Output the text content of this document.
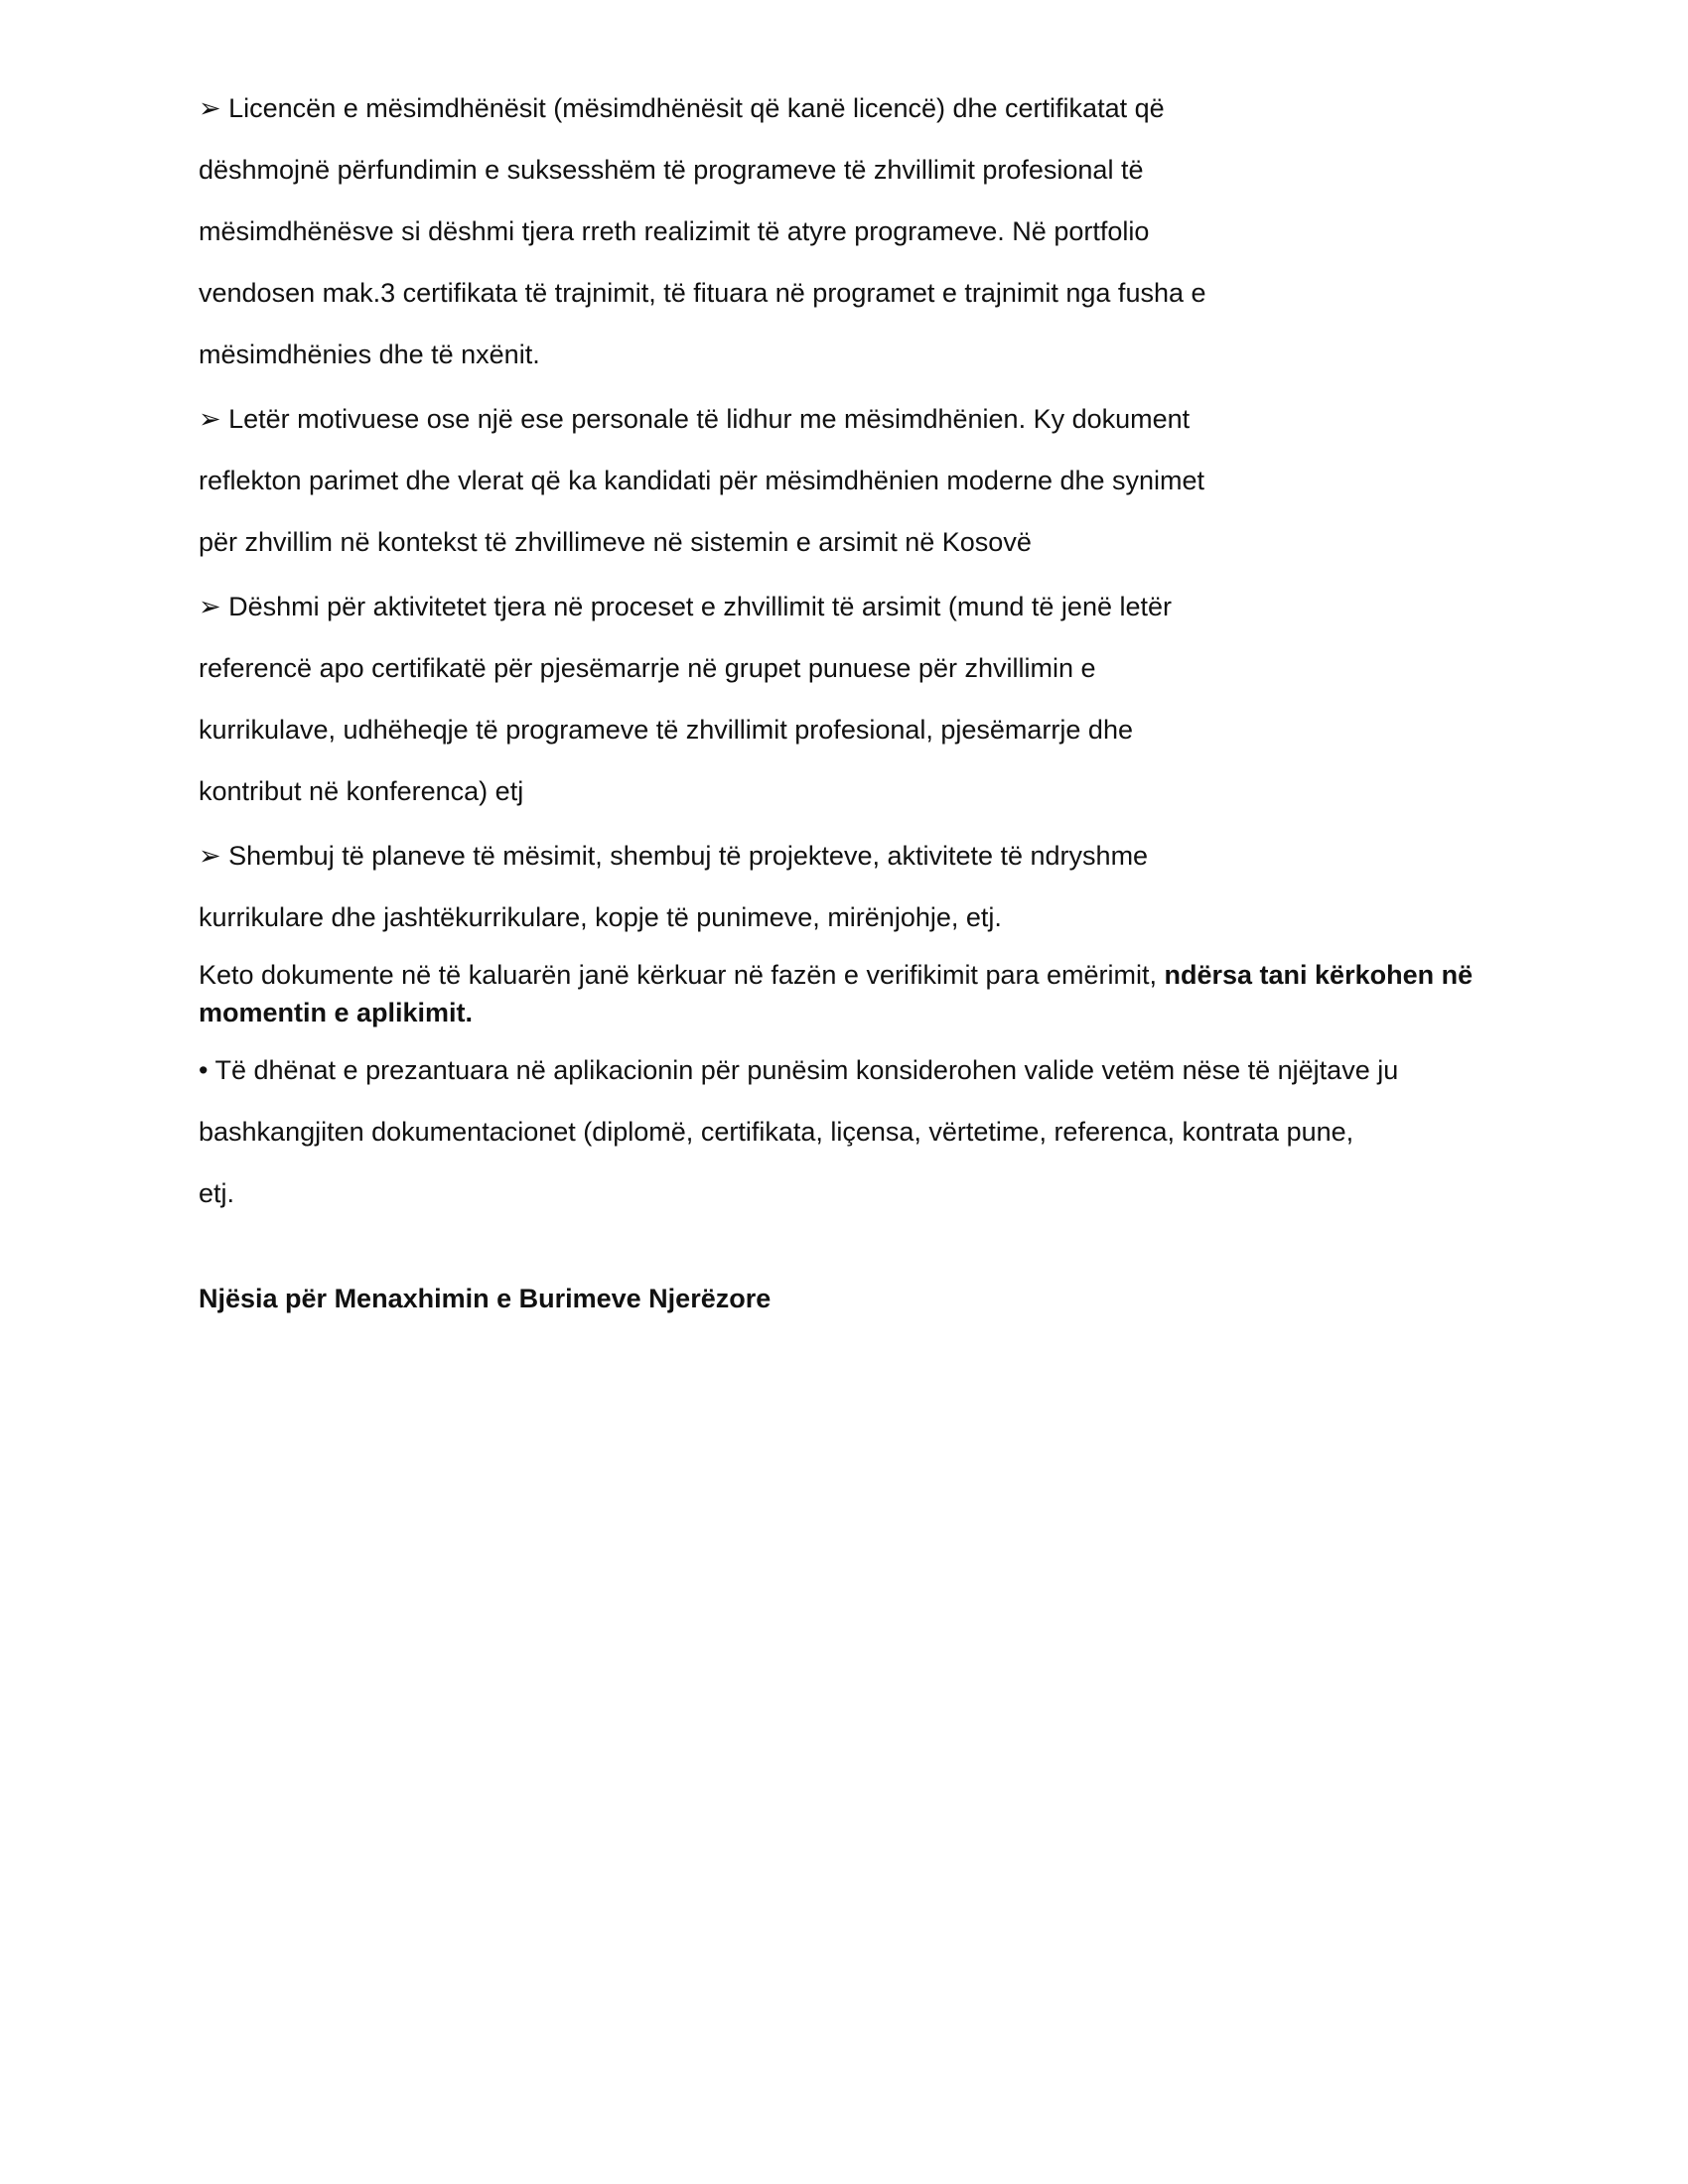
➢ Licencën e mësimdhënësit (mësimdhënësit që kanë licencë) dhe certifikatat që
dëshmojnë përfundimin e suksesshëm të programeve të zhvillimit profesional të
mësimdhënësve si dëshmi tjera rreth realizimit të atyre programeve. Në portfolio
vendosen mak.3 certifikata të trajnimit, të fituara në programet e trajnimit nga fusha e
mësimdhënies dhe të nxënit.
➢ Letër motivuese ose një ese personale të lidhur me mësimdhënien. Ky dokument
reflekton parimet dhe vlerat që ka kandidati për mësimdhënien moderne dhe synimet
për zhvillim në kontekst të zhvillimeve në sistemin e arsimit në Kosovë
➢ Dëshmi për aktivitetet tjera në proceset e zhvillimit të arsimit (mund të jenë letër
referencë apo certifikatë për pjesëmarrje në grupet punuese për zhvillimin e
kurrikulave, udhëheqje të programeve të zhvillimit profesional, pjesëmarrje dhe
kontribut në konferenca) etj
➢ Shembuj të planeve të mësimit, shembuj të projekteve, aktivitete të ndryshme
kurrikulare dhe jashtëkurrikulare, kopje të punimeve, mirënjohje, etj.
Keto dokumente në të kaluarën janë kërkuar në fazën e verifikimit para emërimit, ndërsa tani kërkohen në momentin e aplikimit.
• Të dhënat e prezantuara në aplikacionin për punësim konsiderohen valide vetëm nëse të njëjtave ju
bashkangjiten dokumentacionet (diplomë, certifikata, liçensa, vërtetime, referenca, kontrata pune,
etj.
Njësia për Menaxhimin e Burimeve Njerëzore
